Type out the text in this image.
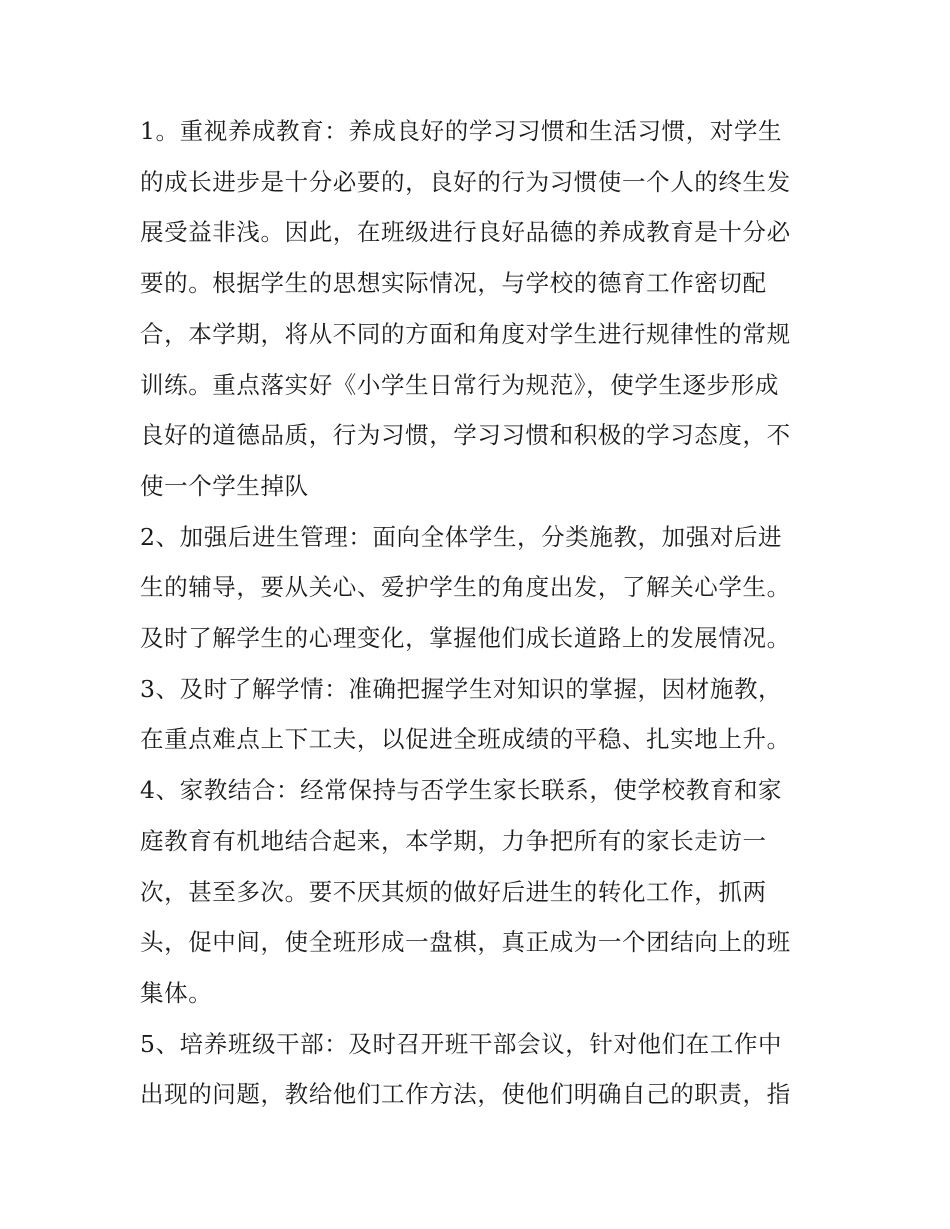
1。重视养成教育：养成良好的学习习惯和生活习惯，对学生
的成长进步是十分必要的，良好的行为习惯使一个人的终生发
展受益非浅。因此，在班级进行良好品德的养成教育是十分必
要的。根据学生的思想实际情况，与学校的德育工作密切配
合，本学期，将从不同的方面和角度对学生进行规律性的常规
训练。重点落实好《小学生日常行为规范》，使学生逐步形成
良好的道德品质，行为习惯，学习习惯和积极的学习态度，不
使一个学生掉队

2、加强后进生管理：面向全体学生，分类施教，加强对后进
生的辅导，要从关心、爱护学生的角度出发，了解关心学生。
及时了解学生的心理变化，掌握他们成长道路上的发展情况。

3、及时了解学情：准确把握学生对知识的掌握，因材施教，
在重点难点上下工夫，以促进全班成绩的平稳、扎实地上升。

4、家教结合：经常保持与否学生家长联系，使学校教育和家
庭教育有机地结合起来，本学期，力争把所有的家长走访一
次，甚至多次。要不厌其烦的做好后进生的转化工作，抓两
头，促中间，使全班形成一盘棋，真正成为一个团结向上的班
集体。

5、培养班级干部：及时召开班干部会议，针对他们在工作中
出现的问题，教给他们工作方法，使他们明确自己的职责，指
